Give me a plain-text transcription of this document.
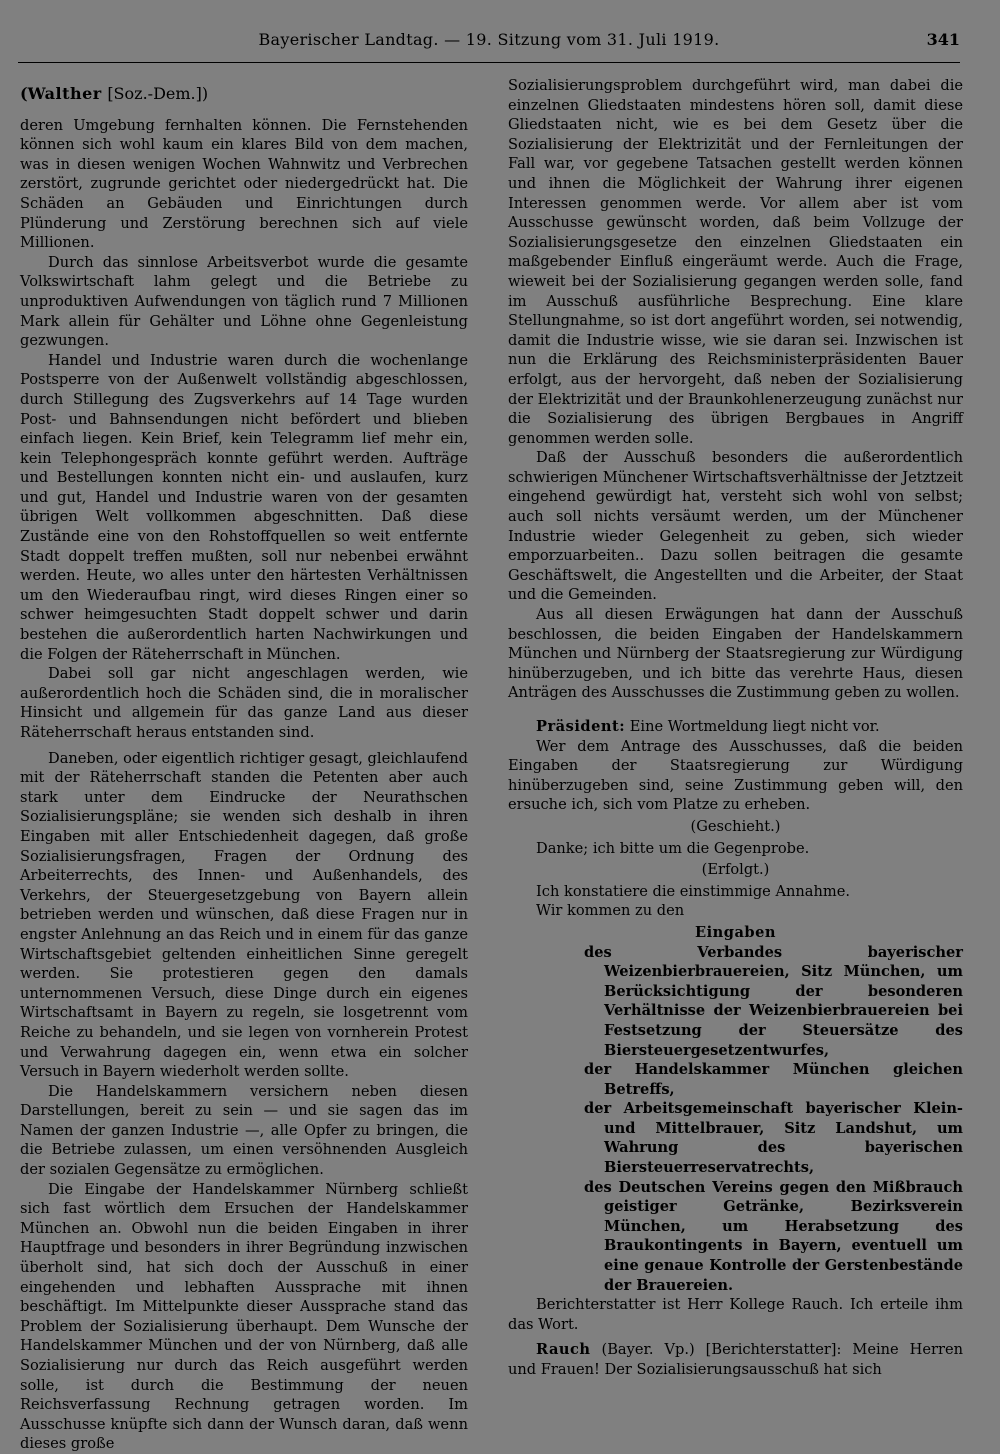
Bayerischer Landtag. — 19. Sitzung vom 31. Juli 1919.	341

(Walther [Soz.-Dem.])

deren Umgebung fernhalten können. Die Fernstehenden können sich wohl kaum ein klares Bild von dem machen, was in diesen wenigen Wochen Wahnwitz und Verbrechen zerstört, zugrunde gerichtet oder niedergedrückt hat. Die Schäden an Gebäuden und Einrichtungen durch Plünderung und Zerstörung berechnen sich auf viele Millionen.

Durch das sinnlose Arbeitsverbot wurde die gesamte Volkswirtschaft lahm gelegt und die Betriebe zu unproduktiven Aufwendungen von täglich rund 7 Millionen Mark allein für Gehälter und Löhne ohne Gegenleistung gezwungen.

Handel und Industrie waren durch die wochenlange Postsperre von der Außenwelt vollständig abgeschlossen, durch Stillegung des Zugsverkehrs auf 14 Tage wurden Post- und Bahnsendungen nicht befördert und blieben einfach liegen. Kein Brief, kein Telegramm lief mehr ein, kein Telephongespräch konnte geführt werden. Aufträge und Bestellungen konnten nicht ein- und auslaufen, kurz und gut, Handel und Industrie waren von der gesamten übrigen Welt vollkommen abgeschnitten. Daß diese Zustände eine von den Rohstoffquellen so weit entfernte Stadt doppelt treffen mußten, soll nur nebenbei erwähnt werden. Heute, wo alles unter den härtesten Verhältnissen um den Wiederaufbau ringt, wird dieses Ringen einer so schwer heimgesuchten Stadt doppelt schwer und darin bestehen die außerordentlich harten Nachwirkungen und die Folgen der Räteherrschaft in München.

Dabei soll gar nicht angeschlagen werden, wie außerordentlich hoch die Schäden sind, die in moralischer Hinsicht und allgemein für das ganze Land aus dieser Räteherrschaft heraus entstanden sind.

Daneben, oder eigentlich richtiger gesagt, gleichlaufend mit der Räteherrschaft standen die Petenten aber auch stark unter dem Eindrucke der Neurathschen Sozialisierungspläne; sie wenden sich deshalb in ihren Eingaben mit aller Entschiedenheit dagegen, daß große Sozialisierungsfragen, Fragen der Ordnung des Arbeiterrechts, des Innen- und Außenhandels, des Verkehrs, der Steuergesetzgebung von Bayern allein betrieben werden und wünschen, daß diese Fragen nur in engster Anlehnung an das Reich und in einem für das ganze Wirtschaftsgebiet geltenden einheitlichen Sinne geregelt werden. Sie protestieren gegen den damals unternommenen Versuch, diese Dinge durch ein eigenes Wirtschaftsamt in Bayern zu regeln, sie losgetrennt vom Reiche zu behandeln, und sie legen von vornherein Protest und Verwahrung dagegen ein, wenn etwa ein solcher Versuch in Bayern wiederholt werden sollte.

Die Handelskammern versichern neben diesen Darstellungen, bereit zu sein — und sie sagen das im Namen der ganzen Industrie —, alle Opfer zu bringen, die die Betriebe zulassen, um einen versöhnenden Ausgleich der sozialen Gegensätze zu ermöglichen.

Die Eingabe der Handelskammer Nürnberg schließt sich fast wörtlich dem Ersuchen der Handelskammer München an. Obwohl nun die beiden Eingaben in ihrer Hauptfrage und besonders in ihrer Begründung inzwischen überholt sind, hat sich doch der Ausschuß in einer eingehenden und lebhaften Aussprache mit ihnen beschäftigt. Im Mittelpunkte dieser Aussprache stand das Problem der Sozialisierung überhaupt. Dem Wunsche der Handelskammer München und der von Nürnberg, daß alle Sozialisierung nur durch das Reich ausgeführt werden solle, ist durch die Bestimmung der neuen Reichsverfassung Rechnung getragen worden. Im Ausschusse knüpfte sich dann der Wunsch daran, daß wenn dieses große

Sozialisierungsproblem durchgeführt wird, man dabei die einzelnen Gliedstaaten mindestens hören soll, damit diese Gliedstaaten nicht, wie es bei dem Gesetz über die Sozialisierung der Elektrizität und der Fernleitungen der Fall war, vor gegebene Tatsachen gestellt werden können und ihnen die Möglichkeit der Wahrung ihrer eigenen Interessen genommen werde. Vor allem aber ist vom Ausschusse gewünscht worden, daß beim Vollzuge der Sozialisierungsgesetze den einzelnen Gliedstaaten ein maßgebender Einfluß eingeräumt werde. Auch die Frage, wieweit bei der Sozialisierung gegangen werden solle, fand im Ausschuß ausführliche Besprechung. Eine klare Stellungnahme, so ist dort angeführt worden, sei notwendig, damit die Industrie wisse, wie sie daran sei. Inzwischen ist nun die Erklärung des Reichsministerpräsidenten Bauer erfolgt, aus der hervorgeht, daß neben der Sozialisierung der Elektrizität und der Braunkohlenerzeugung zunächst nur die Sozialisierung des übrigen Bergbaues in Angriff genommen werden solle.

Daß der Ausschuß besonders die außerordentlich schwierigen Münchener Wirtschaftsverhältnisse der Jetztzeit eingehend gewürdigt hat, versteht sich wohl von selbst; auch soll nichts versäumt werden, um der Münchener Industrie wieder Gelegenheit zu geben, sich wieder emporzuarbeiten.. Dazu sollen beitragen die gesamte Geschäftswelt, die Angestellten und die Arbeiter, der Staat und die Gemeinden.

Aus all diesen Erwägungen hat dann der Ausschuß beschlossen, die beiden Eingaben der Handelskammern München und Nürnberg der Staatsregierung zur Würdigung hinüberzugeben, und ich bitte das verehrte Haus, diesen Anträgen des Ausschusses die Zustimmung geben zu wollen.

Präsident: Eine Wortmeldung liegt nicht vor.

Wer dem Antrage des Ausschusses, daß die beiden Eingaben der Staatsregierung zur Würdigung hinüberzugeben sind, seine Zustimmung geben will, den ersuche ich, sich vom Platze zu erheben.

(Geschieht.)

Danke; ich bitte um die Gegenprobe.

(Erfolgt.)

Ich konstatiere die einstimmige Annahme.

Wir kommen zu den

Eingaben

des Verbandes bayerischer Weizenbierbrauereien, Sitz München, um Berücksichtigung der besonderen Verhältnisse der Weizenbierbrauereien bei Festsetzung der Steuersätze des Biersteuergesetzentwurfes,

der Handelskammer München gleichen Betreffs,

der Arbeitsgemeinschaft bayerischer Klein- und Mittelbrauer, Sitz Landshut, um Wahrung des bayerischen Biersteuerreservatrechts,

des Deutschen Vereins gegen den Mißbrauch geistiger Getränke, Bezirksverein München, um Herabsetzung des Braukontingents in Bayern, eventuell um eine genaue Kontrolle der Gerstenbestände der Brauereien.

Berichterstatter ist Herr Kollege Rauch. Ich erteile ihm das Wort.

Rauch (Bayer. Vp.) [Berichterstatter]: Meine Herren und Frauen! Der Sozialisierungsausschuß hat sich
